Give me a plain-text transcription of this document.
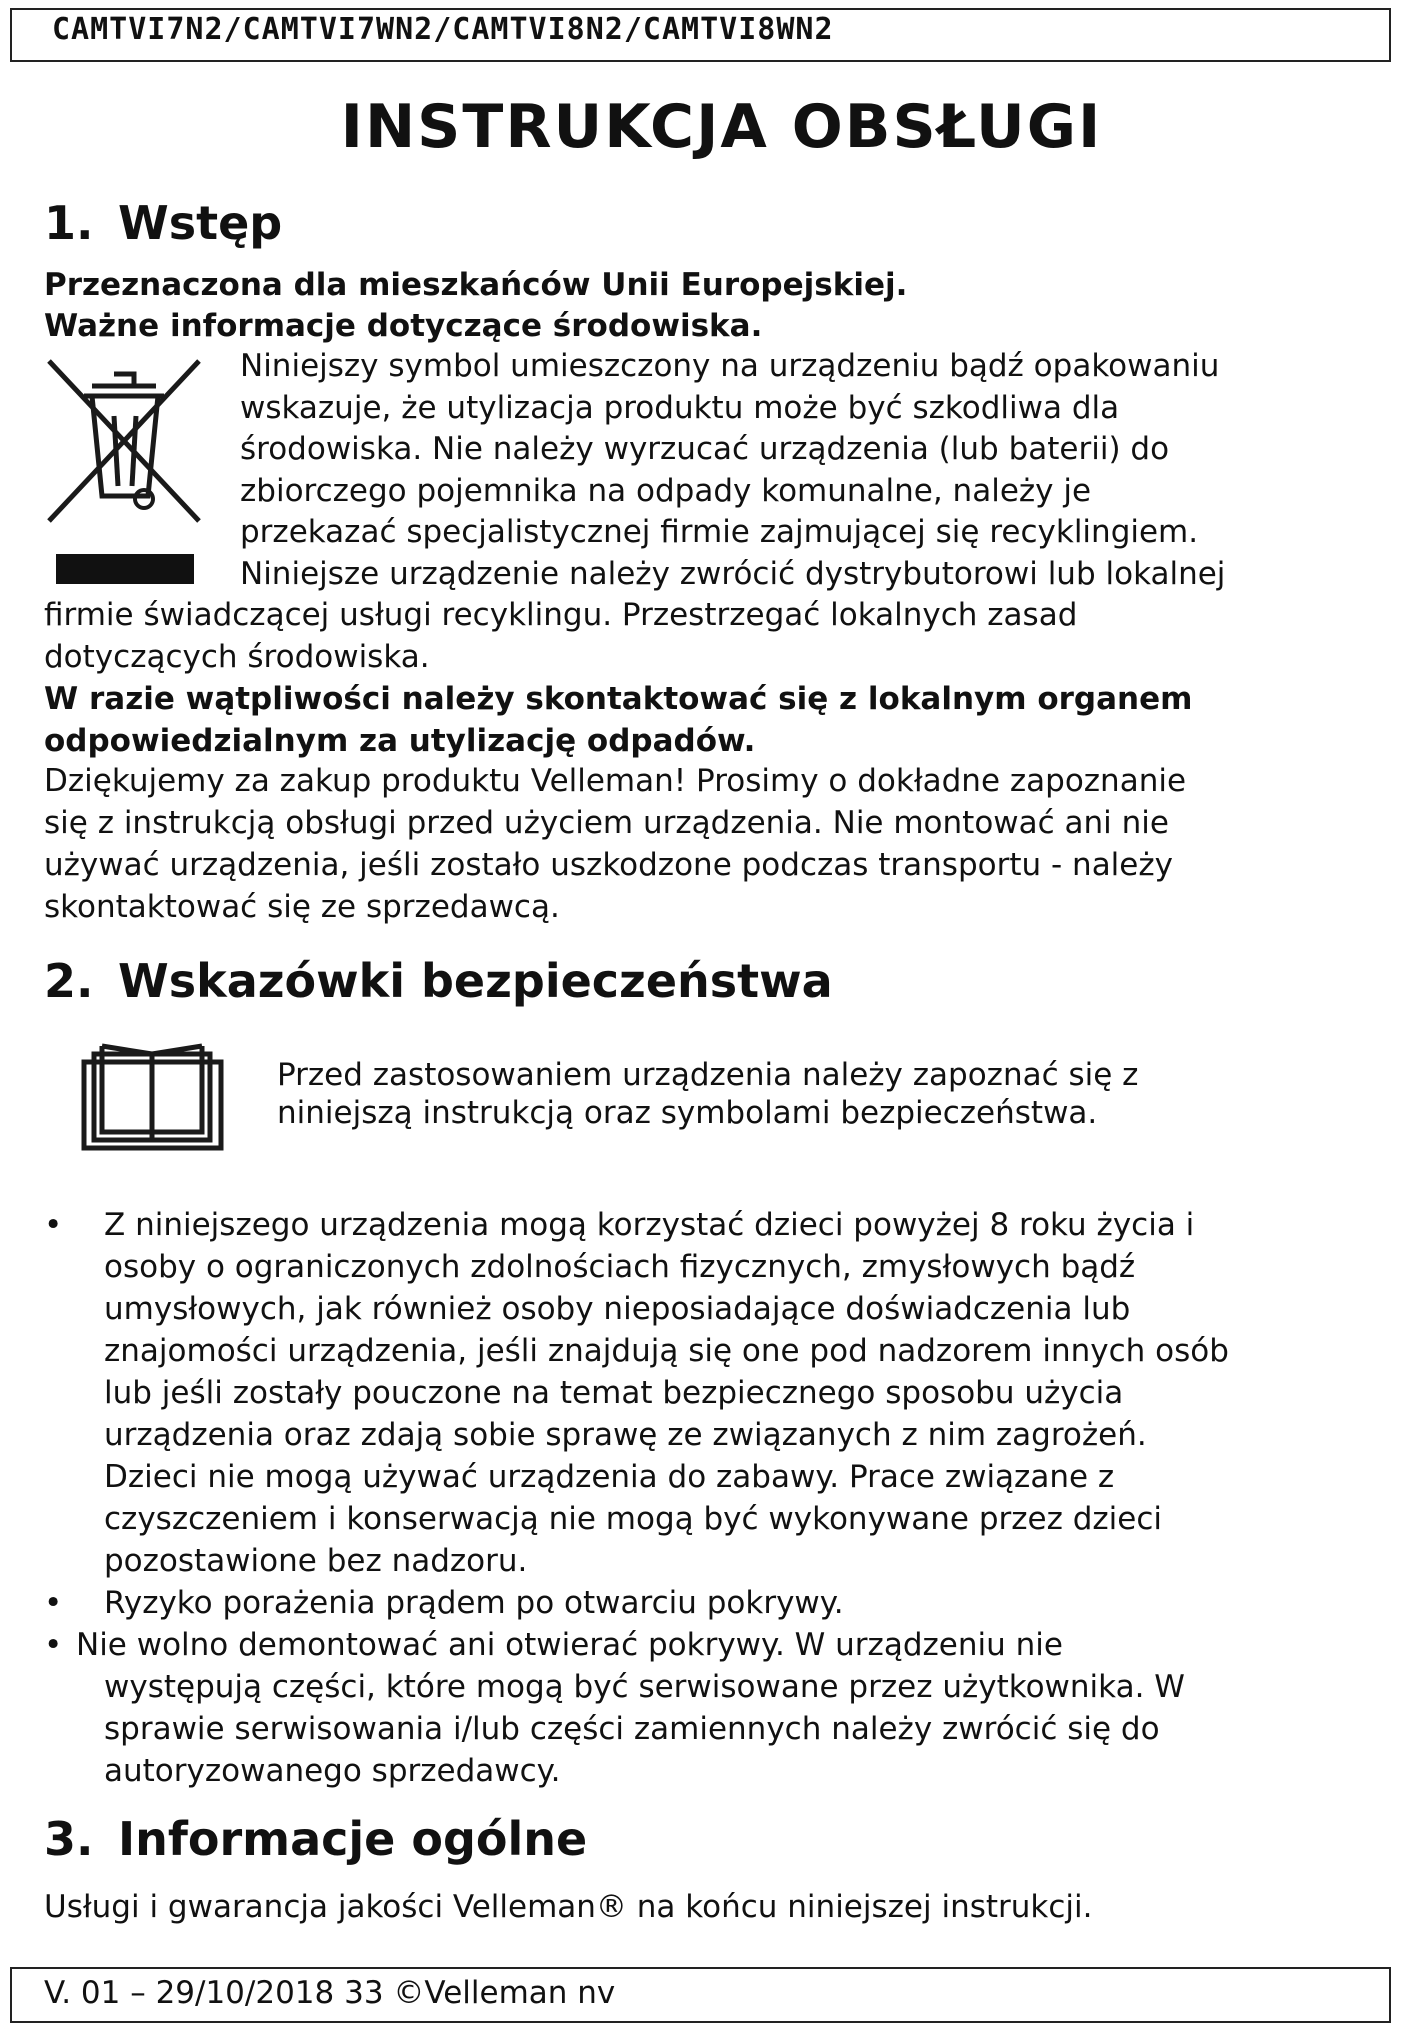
CAMTVI7N2/CAMTVI7WN2/CAMTVI8N2/CAMTVI8WN2
INSTRUKCJA OBSŁUGI
1. Wstęp
Przeznaczona dla mieszkańców Unii Europejskiej.
Ważne informacje dotyczące środowiska.
Niniejszy symbol umieszczony na urządzeniu bądź opakowaniu
wskazuje, że utylizacja produktu może być szkodliwa dla
środowiska. Nie należy wyrzucać urządzenia (lub baterii) do
zbiorczego pojemnika na odpady komunalne, należy je
przekazać specjalistycznej firmie zajmującej się recyklingiem.
Niniejsze urządzenie należy zwrócić dystrybutorowi lub lokalnej
firmie świadczącej usługi recyklingu. Przestrzegać lokalnych zasad
dotyczących środowiska.
W razie wątpliwości należy skontaktować się z lokalnym organem
odpowiedzialnym za utylizację odpadów.
Dziękujemy za zakup produktu Velleman! Prosimy o dokładne zapoznanie
się z instrukcją obsługi przed użyciem urządzenia. Nie montować ani nie
używać urządzenia, jeśli zostało uszkodzone podczas transportu - należy
skontaktować się ze sprzedawcą.
2. Wskazówki bezpieczeństwa
Przed zastosowaniem urządzenia należy zapoznać się z
niniejszą instrukcją oraz symbolami bezpieczeństwa.
• Z niniejszego urządzenia mogą korzystać dzieci powyżej 8 roku życia i
osoby o ograniczonych zdolnościach fizycznych, zmysłowych bądź
umysłowych, jak również osoby nieposiadające doświadczenia lub
znajomości urządzenia, jeśli znajdują się one pod nadzorem innych osób
lub jeśli zostały pouczone na temat bezpiecznego sposobu użycia
urządzenia oraz zdają sobie sprawę ze związanych z nim zagrożeń.
Dzieci nie mogą używać urządzenia do zabawy. Prace związane z
czyszczeniem i konserwacją nie mogą być wykonywane przez dzieci
pozostawione bez nadzoru.
• Ryzyko porażenia prądem po otwarciu pokrywy.
• Nie wolno demontować ani otwierać pokrywy. W urządzeniu nie
występują części, które mogą być serwisowane przez użytkownika. W
sprawie serwisowania i/lub części zamiennych należy zwrócić się do
autoryzowanego sprzedawcy.
3. Informacje ogólne
Usługi i gwarancja jakości Velleman® na końcu niniejszej instrukcji.
V. 01 – 29/10/2018 33 ©Velleman nv
